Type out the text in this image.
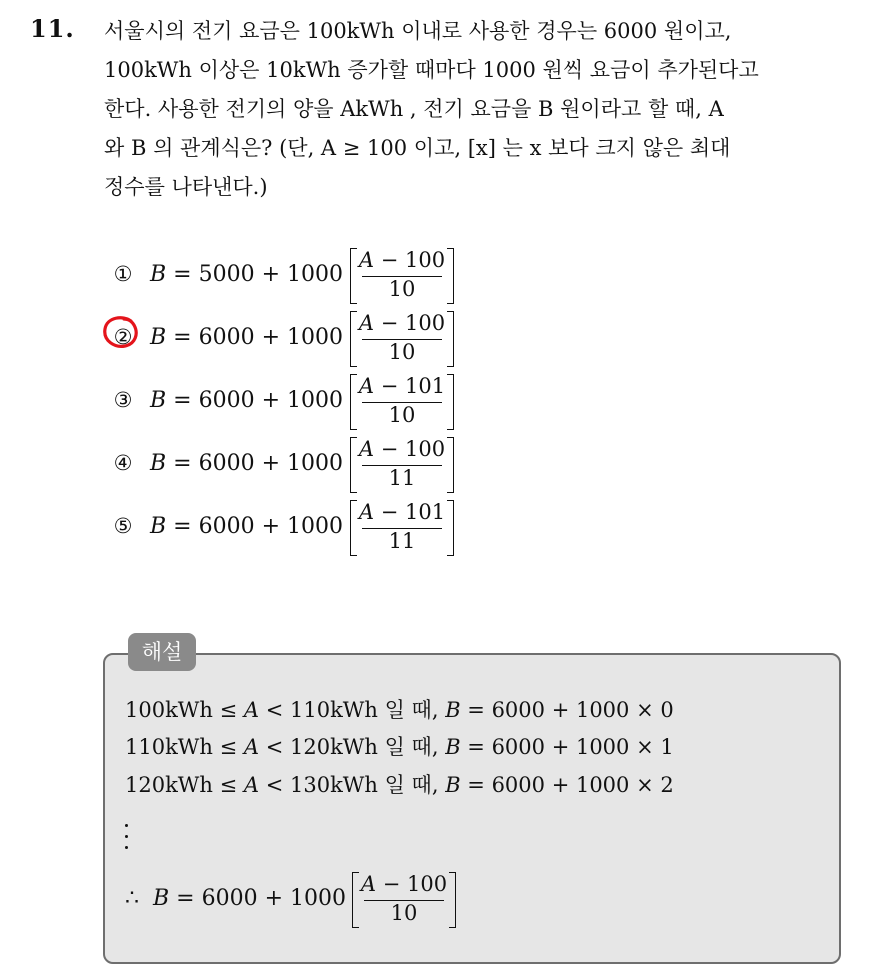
11. 서울시의 전기 요금은 100kWh 이내로 사용한 경우는 6000 원이고,
100kWh 이상은 10kWh 증가할 때마다 1000 원씩 요금이 추가된다고
한다. 사용한 전기의 양을 AkWh , 전기 요금을 B 원이라고 할 때, A
와 B 의 관계식은? (단, A ≥ 100 이고, [x] 는 x 보다 크지 않은 최대
정수를 나타낸다.)
① B = 5000 + 1000
A − 100
10
② B = 6000 + 1000
A − 100
10
③ B = 6000 + 1000
A − 101
10
④ B = 6000 + 1000
A − 100
11
⑤ B = 6000 + 1000
A − 101
11
해설
100kWh ≤ A < 110kWh 일 때, B = 6000 + 1000 × 0
110kWh ≤ A < 120kWh 일 때, B = 6000 + 1000 × 1
120kWh ≤ A < 130kWh 일 때, B = 6000 + 1000 × 2
∴ B = 6000 + 1000
A − 100
10
